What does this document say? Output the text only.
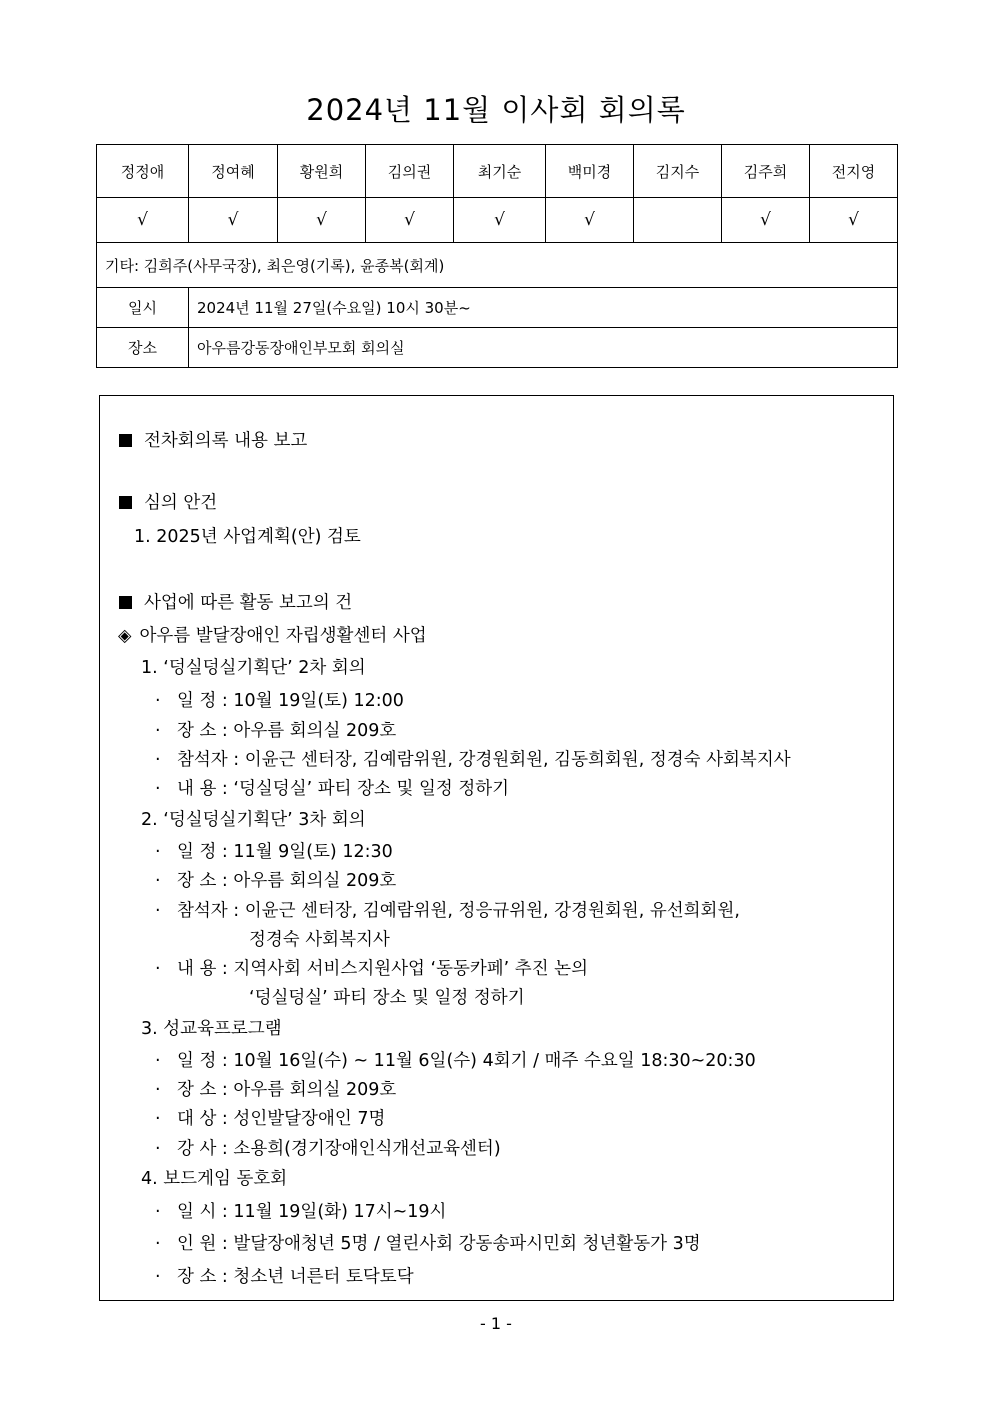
2024년 11월 이사회 회의록
정정애	정여혜	황원희	김의권	최기순	백미경	김지수	김주희	전지영
√	√	√	√	√	√		√	√
기타: 김희주(사무국장), 최은영(기록), 윤종복(회계)								
일시	2024년 11월 27일(수요일) 10시 30분~							
장소	아우름강동장애인부모회 회의실							
전차회의록 내용 보고
심의 안건
1. 2025년 사업계획(안) 검토
사업에 따른 활동 보고의 건
◈ 아우름 발달장애인 자립생활센터 사업
1. ‘덩실덩실기획단’ 2차 회의
· 일 정 : 10월 19일(토) 12:00
· 장 소 : 아우름 회의실 209호
· 참석자 : 이윤근 센터장, 김예람위원, 강경원회원, 김동희회원, 정경숙 사회복지사
· 내 용 : ‘덩실덩실’ 파티 장소 및 일정 정하기
2. ‘덩실덩실기획단’ 3차 회의
· 일 정 : 11월 9일(토) 12:30
· 장 소 : 아우름 회의실 209호
· 참석자 : 이윤근 센터장, 김예람위원, 정응규위원, 강경원회원, 유선희회원,
정경숙 사회복지사
· 내 용 : 지역사회 서비스지원사업 ‘동동카페’ 추진 논의
‘덩실덩실’ 파티 장소 및 일정 정하기
3. 성교육프로그램
· 일 정 : 10월 16일(수) ~ 11월 6일(수) 4회기 / 매주 수요일 18:30~20:30
· 장 소 : 아우름 회의실 209호
· 대 상 : 성인발달장애인 7명
· 강 사 : 소용희(경기장애인식개선교육센터)
4. 보드게임 동호회
· 일 시 : 11월 19일(화) 17시~19시
· 인 원 : 발달장애청년 5명 / 열린사회 강동송파시민회 청년활동가 3명
· 장 소 : 청소년 너른터 토닥토닥
- 1 -
